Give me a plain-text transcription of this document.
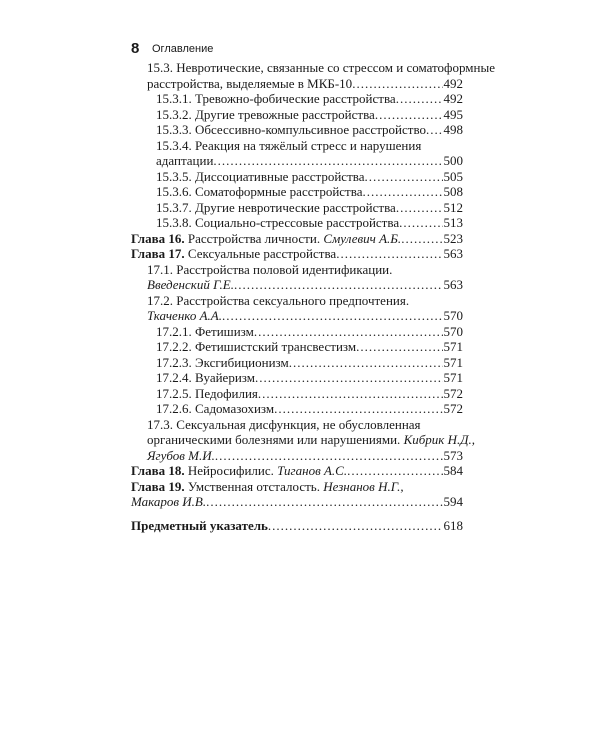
8 Оглавление
15.3. Невротические, связанные со стрессом и соматоформные
расстройства, выделяемые в МКБ-10 .....	492
15.3.1. Тревожно-фобические расстройства .....	492
15.3.2. Другие тревожные расстройства .....	495
15.3.3. Обсессивно-компульсивное расстройство ..... 498
15.3.4. Реакция на тяжёлый стресс и нарушения
адаптации .....	500
15.3.5. Диссоциативные расстройства .....	505
15.3.6. Соматоформные расстройства .....	508
15.3.7. Другие невротические расстройства .....	512
15.3.8. Социально-стрессовые расстройства .....	513
Глава 16. Расстройства личности. Смулевич А.Б. .....	523
Глава 17. Сексуальные расстройства .....	563
17.1. Расстройства половой идентификации.
Введенский Г.Е. .....	563
17.2. Расстройства сексуального предпочтения.
Ткаченко А.А. .....	570
17.2.1. Фетишизм .....	570
17.2.2. Фетишистский трансвестизм .....	571
17.2.3. Эксгибиционизм .....	571
17.2.4. Вуайеризм .....	571
17.2.5. Педофилия .....	572
17.2.6. Садомазохизм .....	572
17.3. Сексуальная дисфункция, не обусловленная
органическими болезнями или нарушениями. Кибрик Н.Д.,
Ягубов М.И. .....	573
Глава 18. Нейросифилис. Тиганов А.С. .....	584
Глава 19. Умственная отсталость. Незнанов Н.Г.,
Макаров И.В. .....	594
Предметный указатель .....	618
